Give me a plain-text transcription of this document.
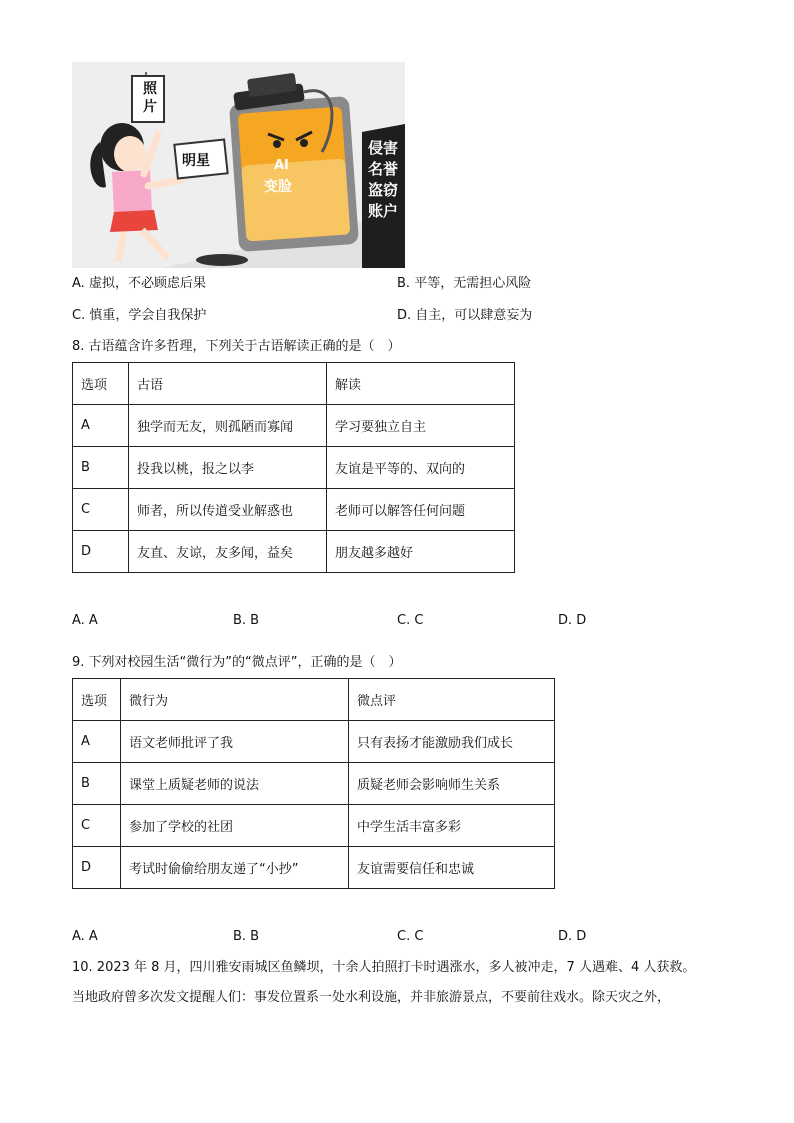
照片
明星	AI
变脸
侵害
名誉
盗窃
账户
A. 虚拟，不必顾虑后果	B. 平等，无需担心风险
C. 慎重，学会自我保护	D. 自主，可以肆意妄为
8. 古语蕴含许多哲理，下列关于古语解读正确的是（　）
选项	古语	解读
A	独学而无友，则孤陋而寡闻	学习要独立自主
B	投我以桃，报之以李	友谊是平等的、双向的
C	师者，所以传道受业解惑也	老师可以解答任何问题
D	友直、友谅，友多闻，益矣	朋友越多越好
A. A	B. B	C. C	D. D
9. 下列对校园生活“微行为”的“微点评”，正确的是（　）
选项	微行为	微点评
A	语文老师批评了我	只有表扬才能激励我们成长
B	课堂上质疑老师的说法	质疑老师会影响师生关系
C	参加了学校的社团	中学生活丰富多彩
D	考试时偷偷给朋友递了“小抄”	友谊需要信任和忠诚
A. A	B. B	C. C	D. D
10. 2023 年 8 月，四川雅安雨城区鱼鳞坝，十余人拍照打卡时遇涨水，多人被冲走，7 人遇难、4 人获救。
当地政府曾多次发文提醒人们：事发位置系一处水利设施，并非旅游景点，不要前往戏水。除天灾之外，
